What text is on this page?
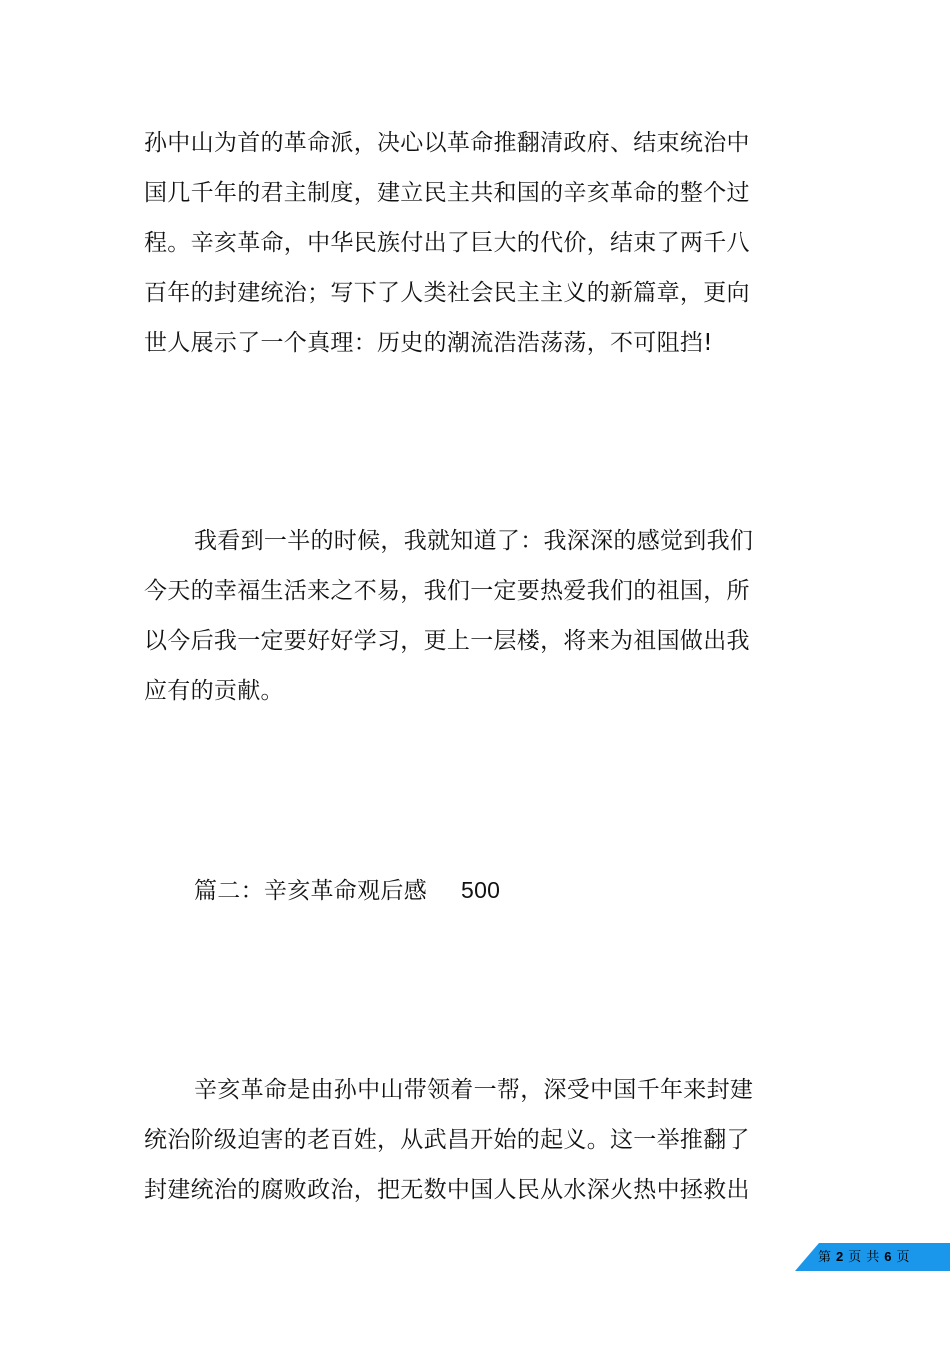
孙中山为首的革命派，决心以革命推翻清政府、结束统治中
国几千年的君主制度，建立民主共和国的辛亥革命的整个过
程。辛亥革命，中华民族付出了巨大的代价，结束了两千八
百年的封建统治；写下了人类社会民主主义的新篇章，更向
世人展示了一个真理：历史的潮流浩浩荡荡，不可阻挡!
我看到一半的时候，我就知道了：我深深的感觉到我们
今天的幸福生活来之不易，我们一定要热爱我们的祖国，所
以今后我一定要好好学习，更上一层楼，将来为祖国做出我
应有的贡献。
篇二：辛亥革命观后感 500
辛亥革命是由孙中山带领着一帮，深受中国千年来封建
统治阶级迫害的老百姓，从武昌开始的起义。这一举推翻了
封建统治的腐败政治，把无数中国人民从水深火热中拯救出
第 2 页 共 6 页
